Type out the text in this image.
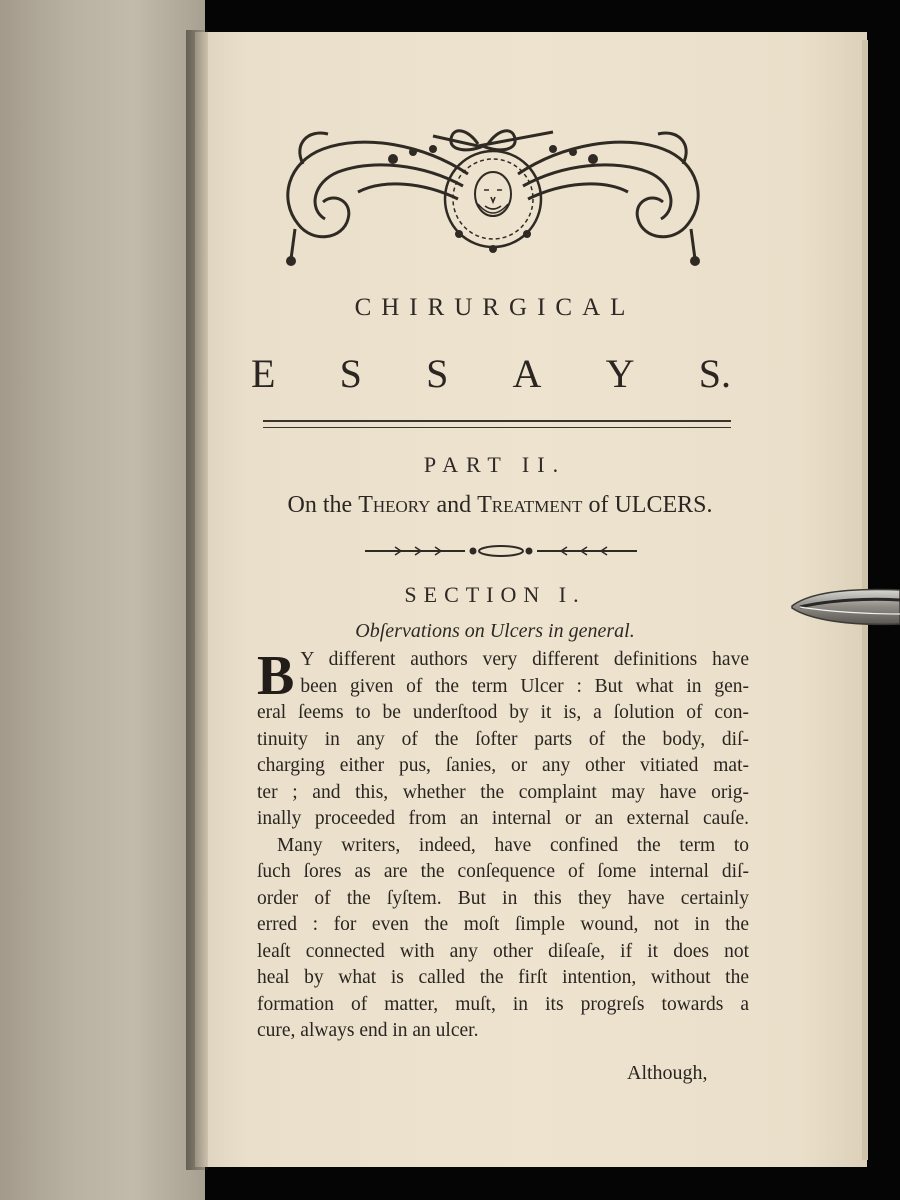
CHIRURGICAL
E S S A Y S.
PART II.
On the Theory and Treatment of ULCERS.
SECTION I.
Obſervations on Ulcers in general.
B Y different authors very different definitions have
been given of the term Ulcer : But what in gen-
eral ſeems to be underſtood by it is, a ſolution of con-
tinuity in any of the ſofter parts of the body, diſ-
charging either pus, ſanies, or any other vitiated mat-
ter ; and this, whether the complaint may have orig-
inally proceeded from an internal or an external cauſe.
Many writers, indeed, have confined the term to
ſuch ſores as are the conſequence of ſome internal diſ-
order of the ſyſtem. But in this they have certainly
erred : for even the moſt ſimple wound, not in the
leaſt connected with any other diſeaſe, if it does not
heal by what is called the firſt intention, without the
formation of matter, muſt, in its progreſs towards a
cure, always end in an ulcer.
Although,
